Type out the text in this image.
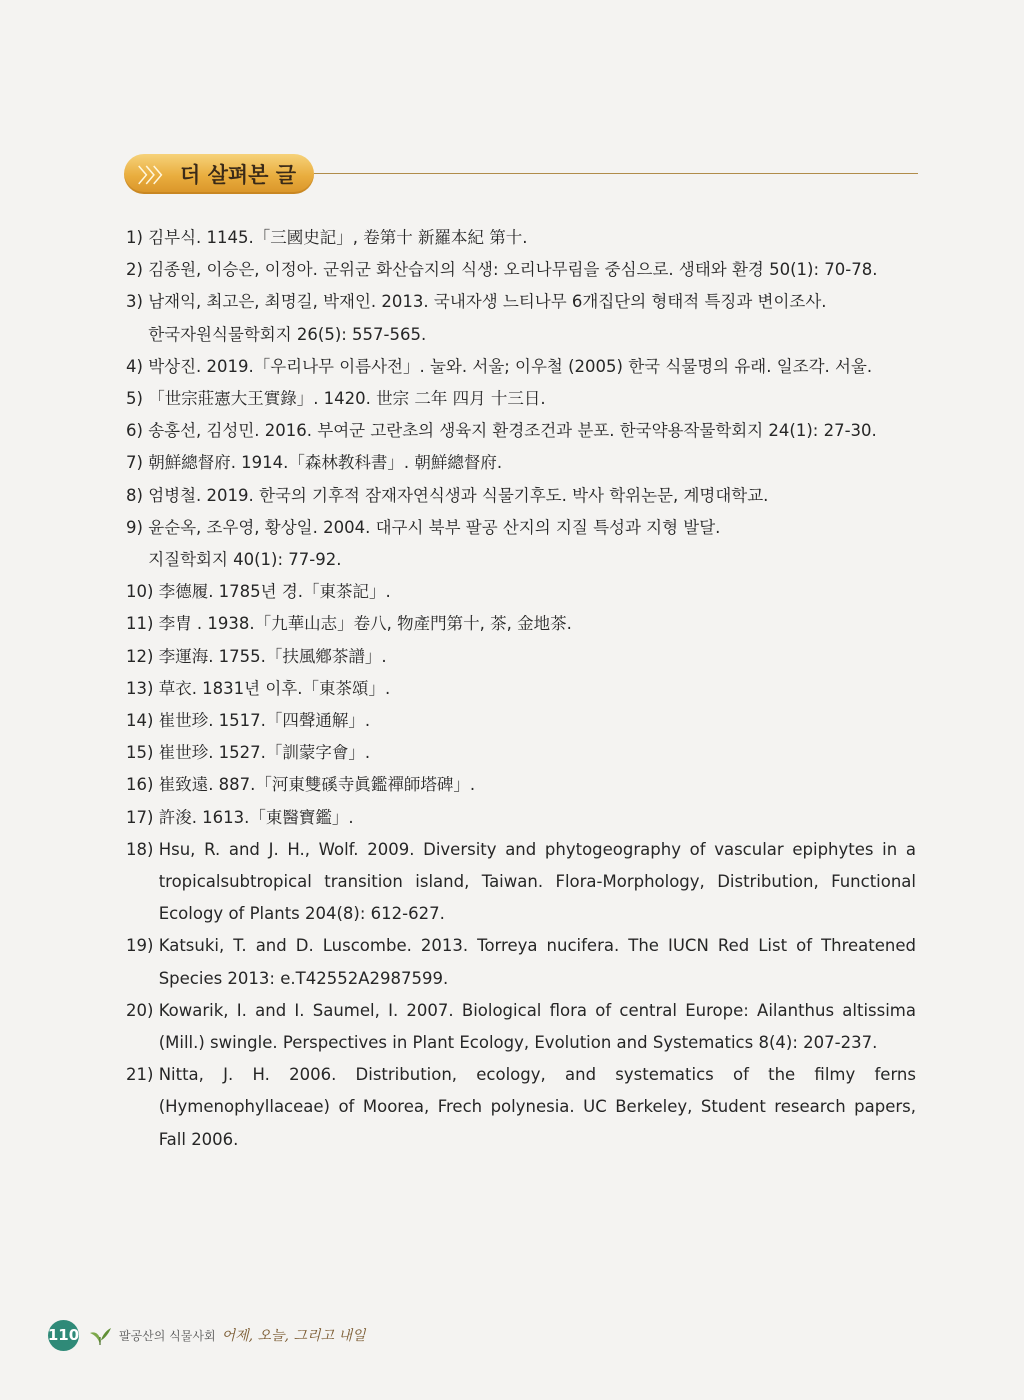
〉〉〉 더 살펴본 글
1) 김부식. 1145.「三國史記」, 卷第十 新羅本紀 第十.
2) 김종원, 이승은, 이정아. 군위군 화산습지의 식생: 오리나무림을 중심으로. 생태와 환경 50(1): 70-78.
3) 남재익, 최고은, 최명길, 박재인. 2013. 국내자생 느티나무 6개집단의 형태적 특징과 변이조사.
한국자원식물학회지 26(5): 557-565.
4) 박상진. 2019.「우리나무 이름사전」. 눌와. 서울; 이우철 (2005) 한국 식물명의 유래. 일조각. 서울.
5) 「世宗莊憲大王實錄」. 1420. 世宗 二年 四月 十三日.
6) 송홍선, 김성민. 2016. 부여군 고란초의 생육지 환경조건과 분포. 한국약용작물학회지 24(1): 27-30.
7) 朝鮮總督府. 1914.「森林教科書」. 朝鮮總督府.
8) 엄병철. 2019. 한국의 기후적 잠재자연식생과 식물기후도. 박사 학위논문, 계명대학교.
9) 윤순옥, 조우영, 황상일. 2004. 대구시 북부 팔공 산지의 지질 특성과 지형 발달.
지질학회지 40(1): 77-92.
10) 李德履. 1785년 경.「東茶記」.
11) 李胄 . 1938.「九華山志」卷八, 物產門第十, 茶, 金地茶.
12) 李運海. 1755.「扶風鄕茶譜」.
13) 草衣. 1831년 이후.「東茶頌」.
14) 崔世珍. 1517.「四聲通解」.
15) 崔世珍. 1527.「訓蒙字會」.
16) 崔致遠. 887.「河東雙磎寺眞鑑禪師塔碑」.
17) 許浚. 1613.「東醫寶鑑」.
18) Hsu, R. and J. H., Wolf. 2009. Diversity and phytogeography of vascular epiphytes in a tropicalsubtropical transition island, Taiwan. Flora-Morphology, Distribution, Functional Ecology of Plants 204(8): 612-627.
19) Katsuki, T. and D. Luscombe. 2013. Torreya nucifera. The IUCN Red List of Threatened Species 2013: e.T42552A2987599.
20) Kowarik, I. and I. Saumel, I. 2007. Biological flora of central Europe: Ailanthus altissima (Mill.) swingle. Perspectives in Plant Ecology, Evolution and Systematics 8(4): 207-237.
21) Nitta, J. H. 2006. Distribution, ecology, and systematics of the filmy ferns (Hymenophyllaceae) of Moorea, Frech polynesia. UC Berkeley, Student research papers, Fall 2006.
110	팔공산의 식물사회 어제, 오늘, 그리고 내일
